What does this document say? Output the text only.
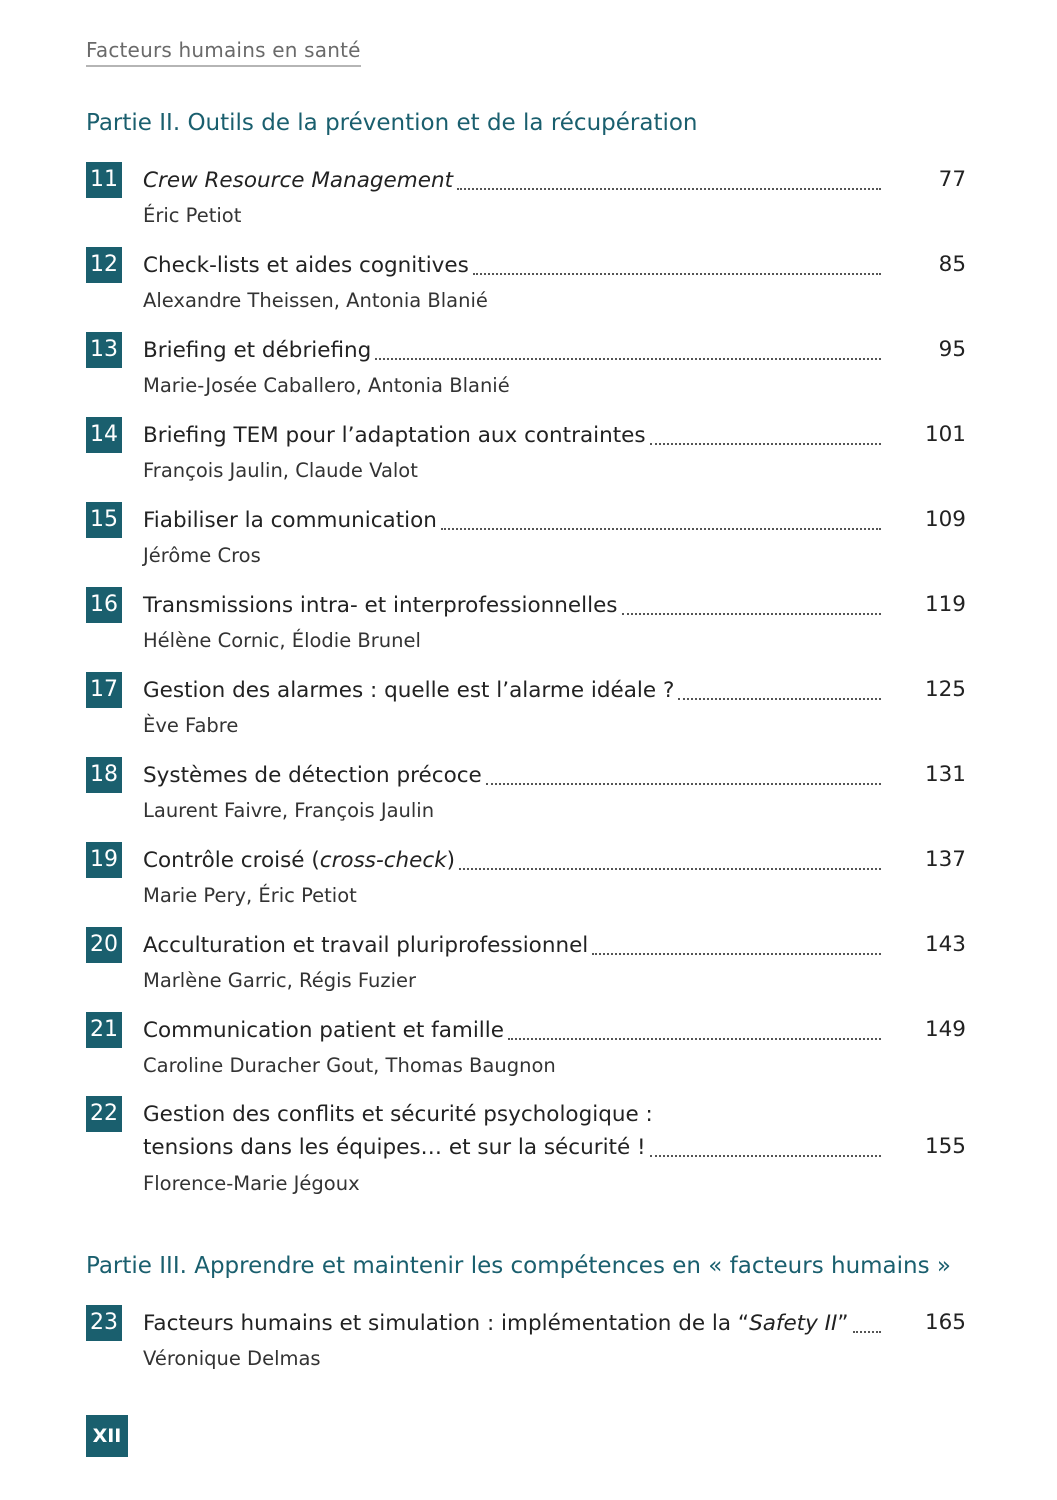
Facteurs humains en santé
Partie II. Outils de la prévention et de la récupération
11 Crew Resource Management	77
Éric Petiot
12 Check-lists et aides cognitives	85
Alexandre Theissen, Antonia Blanié
13 Briefing et débriefing	95
Marie-Josée Caballero, Antonia Blanié
14 Briefing TEM pour l’adaptation aux contraintes	101
François Jaulin, Claude Valot
15 Fiabiliser la communication	109
Jérôme Cros
16 Transmissions intra- et interprofessionnelles	119
Hélène Cornic, Élodie Brunel
17 Gestion des alarmes : quelle est l’alarme idéale ?	125
Ève Fabre
18 Systèmes de détection précoce	131
Laurent Faivre, François Jaulin
19 Contrôle croisé (cross-check)	137
Marie Pery, Éric Petiot
20 Acculturation et travail pluriprofessionnel	143
Marlène Garric, Régis Fuzier
21 Communication patient et famille	149
Caroline Duracher Gout, Thomas Baugnon
22 Gestion des conflits et sécurité psychologique :
tensions dans les équipes… et sur la sécurité !	155
Florence-Marie Jégoux
Partie III. Apprendre et maintenir les compétences en « facteurs humains »
23 Facteurs humains et simulation : implémentation de la “Safety II”	165
Véronique Delmas
XII
